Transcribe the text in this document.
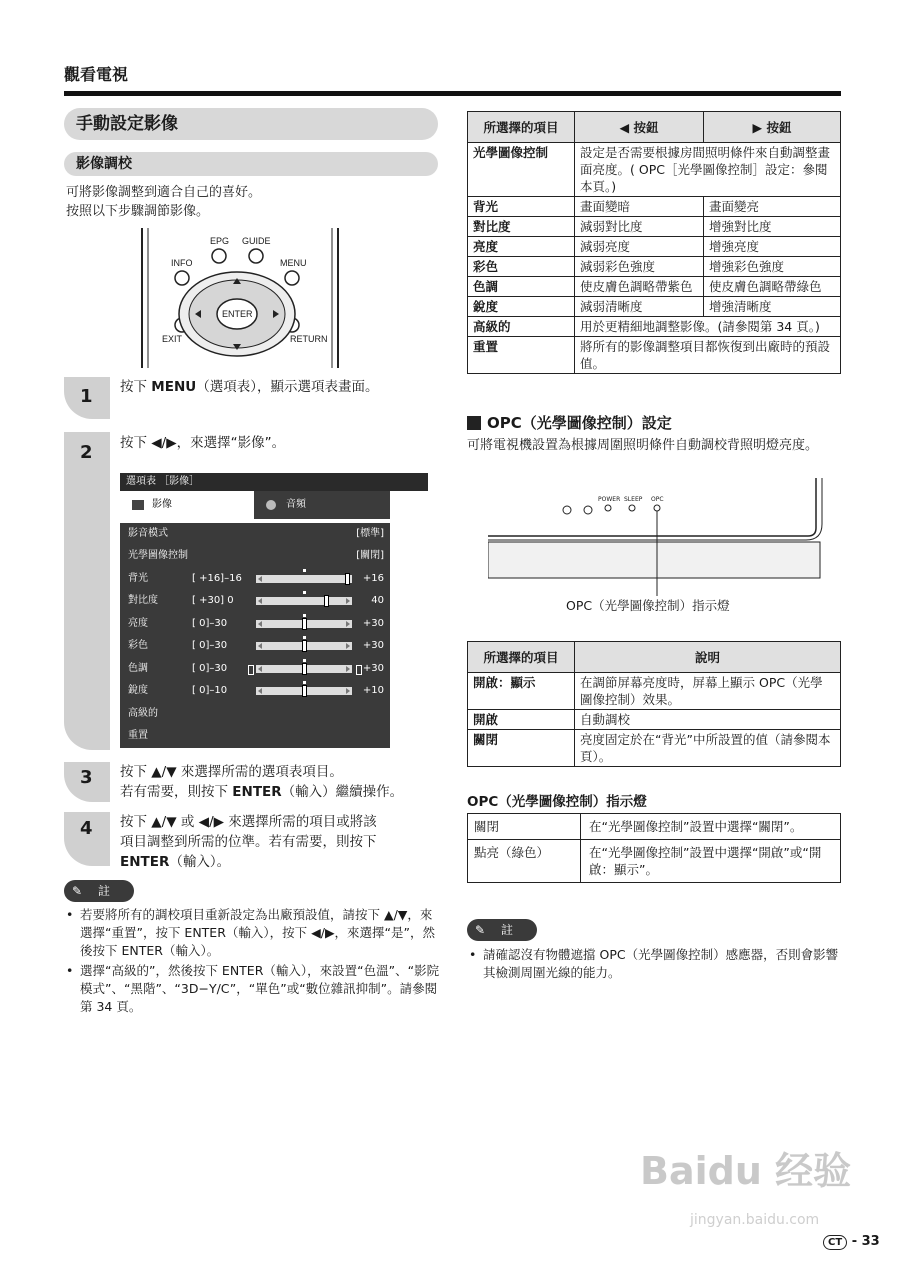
觀看電視
手動設定影像
影像調校
可將影像調整到適合自己的喜好。
按照以下步驟調節影像。
EPG GUIDE
INFO	MENU
ENTER
EXIT	RETURN
1
2
3
4
按下 MENU（選項表），顯示選項表畫面。
按下 ◀/▶，來選擇“影像”。
按下 ▲/▼ 來選擇所需的選項表項目。
若有需要，則按下 ENTER（輸入）繼續操作。
按下 ▲/▼ 或 ◀/▶ 來選擇所需的項目或將該
項目調整到所需的位準。若有需要，則按下
ENTER（輸入）。
選項表 ［影像］
影像	音頻
影音模式	[標準]
光學圖像控制	[關閉]
背光	[ +16]–16	+16
對比度	[ +30] 0	40
亮度	[ 0]–30	+30
彩色	[ 0]–30	+30
色調	[ 0]–30	+30
銳度	[ 0]–10	+10
高級的
重置
✎ 註
• 若要將所有的調校項目重新設定為出廠預設值，請按下 ▲/▼，來選擇“重置”，按下 ENTER（輸入），按下 ◀/▶，來選擇“是”，然後按下 ENTER（輸入）。
• 選擇“高級的”，然後按下 ENTER（輸入），來設置“色溫”、“影院模式”、“黑階”、“3D−Y/C”，“單色”或“數位雜訊抑制”。請參閱第 34 頁。
所選擇的項目	◀ 按鈕	▶ 按鈕
光學圖像控制	設定是否需要根據房間照明條件來自動調整畫面亮度。( OPC［光學圖像控制］設定：參閱本頁。)	
背光	畫面變暗	畫面變亮
對比度	減弱對比度	增強對比度
亮度	減弱亮度	增強亮度
彩色	減弱彩色強度	增強彩色強度
色調	使皮膚色調略帶紫色	使皮膚色調略帶綠色
銳度	減弱清晰度	增強清晰度
高級的	用於更精細地調整影像。(請參閱第 34 頁。)	
重置	將所有的影像調整項目都恢復到出廠時的預設值。	
OPC（光學圖像控制）設定
可將電視機設置為根據周圍照明條件自動調校背照明燈亮度。
POWER SLEEP OPC
OPC（光學圖像控制）指示燈
所選擇的項目	說明
開啟：顯示	在調節屏幕亮度時，屏幕上顯示 OPC（光學圖像控制）效果。
開啟	自動調校
關閉	亮度固定於在“背光”中所設置的值（請參閱本頁）。
OPC（光學圖像控制）指示燈
關閉	在“光學圖像控制”設置中選擇“關閉”。
點亮（綠色）	在“光學圖像控制”設置中選擇“開啟”或“開啟：顯示”。
✎ 註
• 請確認沒有物體遮擋 OPC（光學圖像控制）感應器，否則會影響其檢測周圍光線的能力。
Baidu 经验
jingyan.baidu.com
CT - 33
